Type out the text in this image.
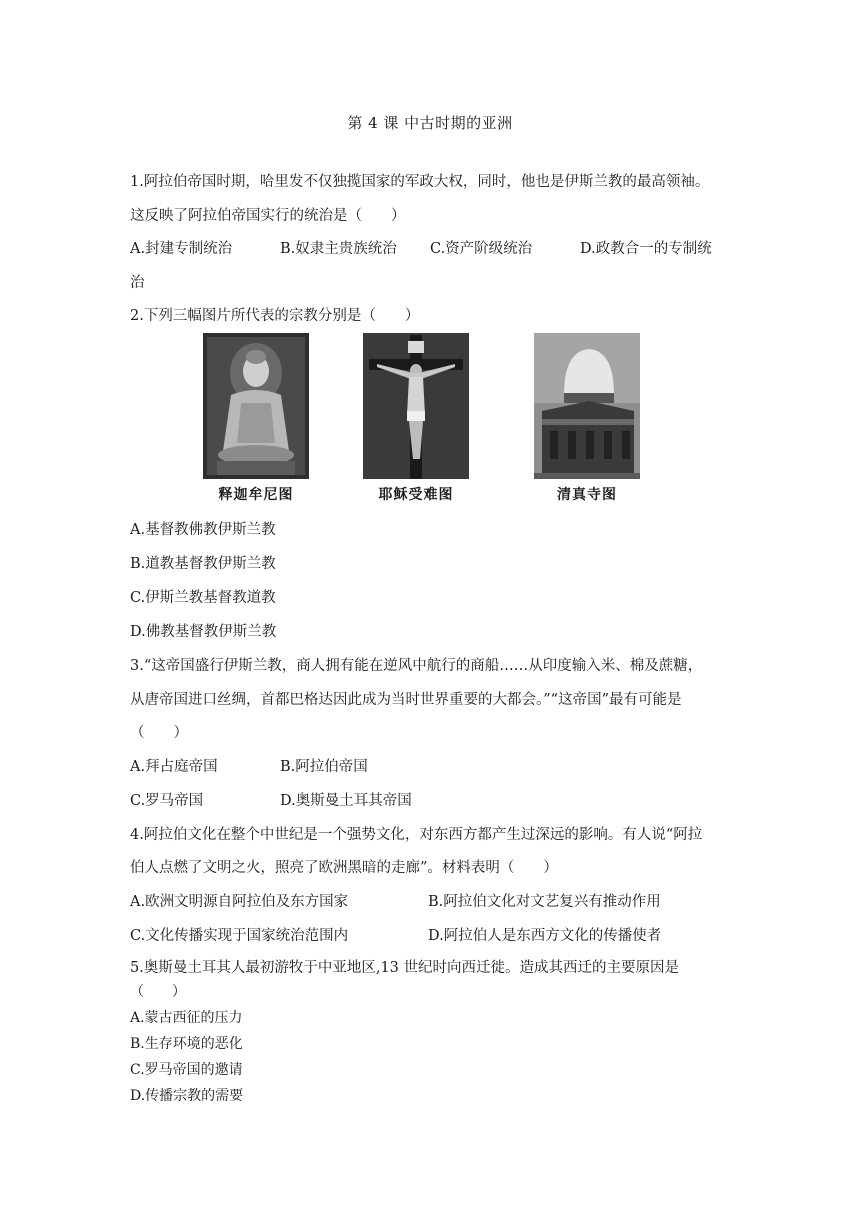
第 4 课 中古时期的亚洲
1.阿拉伯帝国时期，哈里发不仅独揽国家的军政大权，同时，他也是伊斯兰教的最高领袖。
这反映了阿拉伯帝国实行的统治是（　　）
A.封建专制统治	B.奴隶主贵族统治 C.资产阶级统治	D.政教合一的专制统
治
2.下列三幅图片所代表的宗教分别是（　　）
释迦牟尼图	耶稣受难图	清真寺图
A.基督教佛教伊斯兰教
B.道教基督教伊斯兰教
C.伊斯兰教基督教道教
D.佛教基督教伊斯兰教
3.“这帝国盛行伊斯兰教，商人拥有能在逆风中航行的商船……从印度输入米、棉及蔗糖，
从唐帝国进口丝绸，首都巴格达因此成为当时世界重要的大都会。”“这帝国”最有可能是
（　　）
A.拜占庭帝国	B.阿拉伯帝国
C.罗马帝国	D.奥斯曼土耳其帝国
4.阿拉伯文化在整个中世纪是一个强势文化，对东西方都产生过深远的影响。有人说“阿拉
伯人点燃了文明之火，照亮了欧洲黑暗的走廊”。材料表明（　　）
A.欧洲文明源自阿拉伯及东方国家	B.阿拉伯文化对文艺复兴有推动作用
C.文化传播实现于国家统治范围内	D.阿拉伯人是东西方文化的传播使者
5.奥斯曼土耳其人最初游牧于中亚地区,13 世纪时向西迁徙。造成其西迁的主要原因是
（　　）
A.蒙古西征的压力
B.生存环境的恶化
C.罗马帝国的邀请
D.传播宗教的需要
